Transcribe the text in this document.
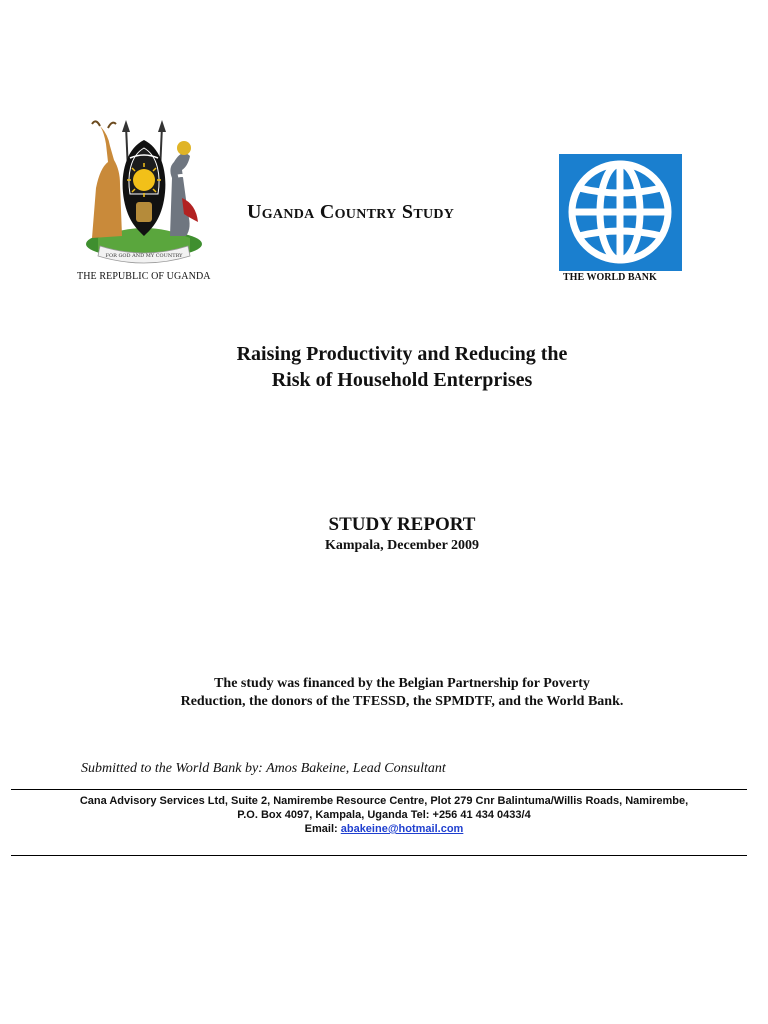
FOR GOD AND MY COUNTRY
THE REPUBLIC OF UGANDA
Uganda Country Study
THE WORLD BANK
Raising Productivity and Reducing the
Risk of Household Enterprises
STUDY REPORT
Kampala, December 2009
The study was financed by the Belgian Partnership for Poverty
Reduction, the donors of the TFESSD, the SPMDTF, and the World Bank.
Submitted to the World Bank by: Amos Bakeine, Lead Consultant
Cana Advisory Services Ltd, Suite 2, Namirembe Resource Centre, Plot 279 Cnr Balintuma/Willis Roads, Namirembe,
P.O. Box 4097, Kampala, Uganda Tel: +256 41 434 0433/4
Email: abakeine@hotmail.com
